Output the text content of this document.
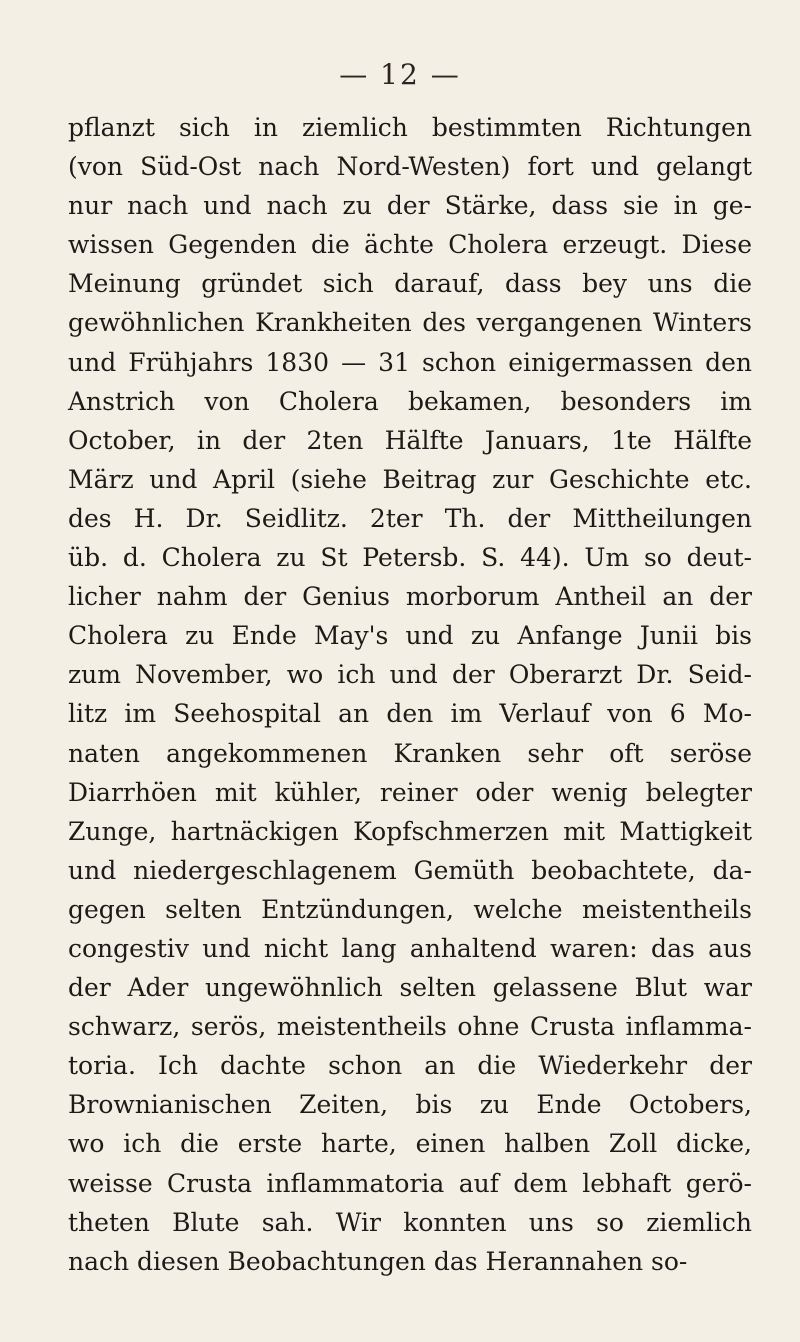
— 12 —
pflanzt sich in ziemlich bestimmten Richtungen
(von Süd-Ost nach Nord-Westen) fort und gelangt
nur nach und nach zu der Stärke, dass sie in ge-
wissen Gegenden die ächte Cholera erzeugt. Diese
Meinung gründet sich darauf, dass bey uns die
gewöhnlichen Krankheiten des vergangenen Winters
und Frühjahrs 1830 — 31 schon einigermassen den
Anstrich von Cholera bekamen, besonders im
October, in der 2ten Hälfte Januars, 1te Hälfte
März und April (siehe Beitrag zur Geschichte etc.
des H. Dr. Seidlitz. 2ter Th. der Mittheilungen
üb. d. Cholera zu St Petersb. S. 44). Um so deut-
licher nahm der Genius morborum Antheil an der
Cholera zu Ende May's und zu Anfange Junii bis
zum November, wo ich und der Oberarzt Dr. Seid-
litz im Seehospital an den im Verlauf von 6 Mo-
naten angekommenen Kranken sehr oft seröse
Diarrhöen mit kühler, reiner oder wenig belegter
Zunge, hartnäckigen Kopfschmerzen mit Mattigkeit
und niedergeschlagenem Gemüth beobachtete, da-
gegen selten Entzündungen, welche meistentheils
congestiv und nicht lang anhaltend waren: das aus
der Ader ungewöhnlich selten gelassene Blut war
schwarz, serös, meistentheils ohne Crusta inflamma-
toria. Ich dachte schon an die Wiederkehr der
Brownianischen Zeiten, bis zu Ende Octobers,
wo ich die erste harte, einen halben Zoll dicke,
weisse Crusta inflammatoria auf dem lebhaft gerö-
theten Blute sah. Wir konnten uns so ziemlich
nach diesen Beobachtungen das Herannahen so-
